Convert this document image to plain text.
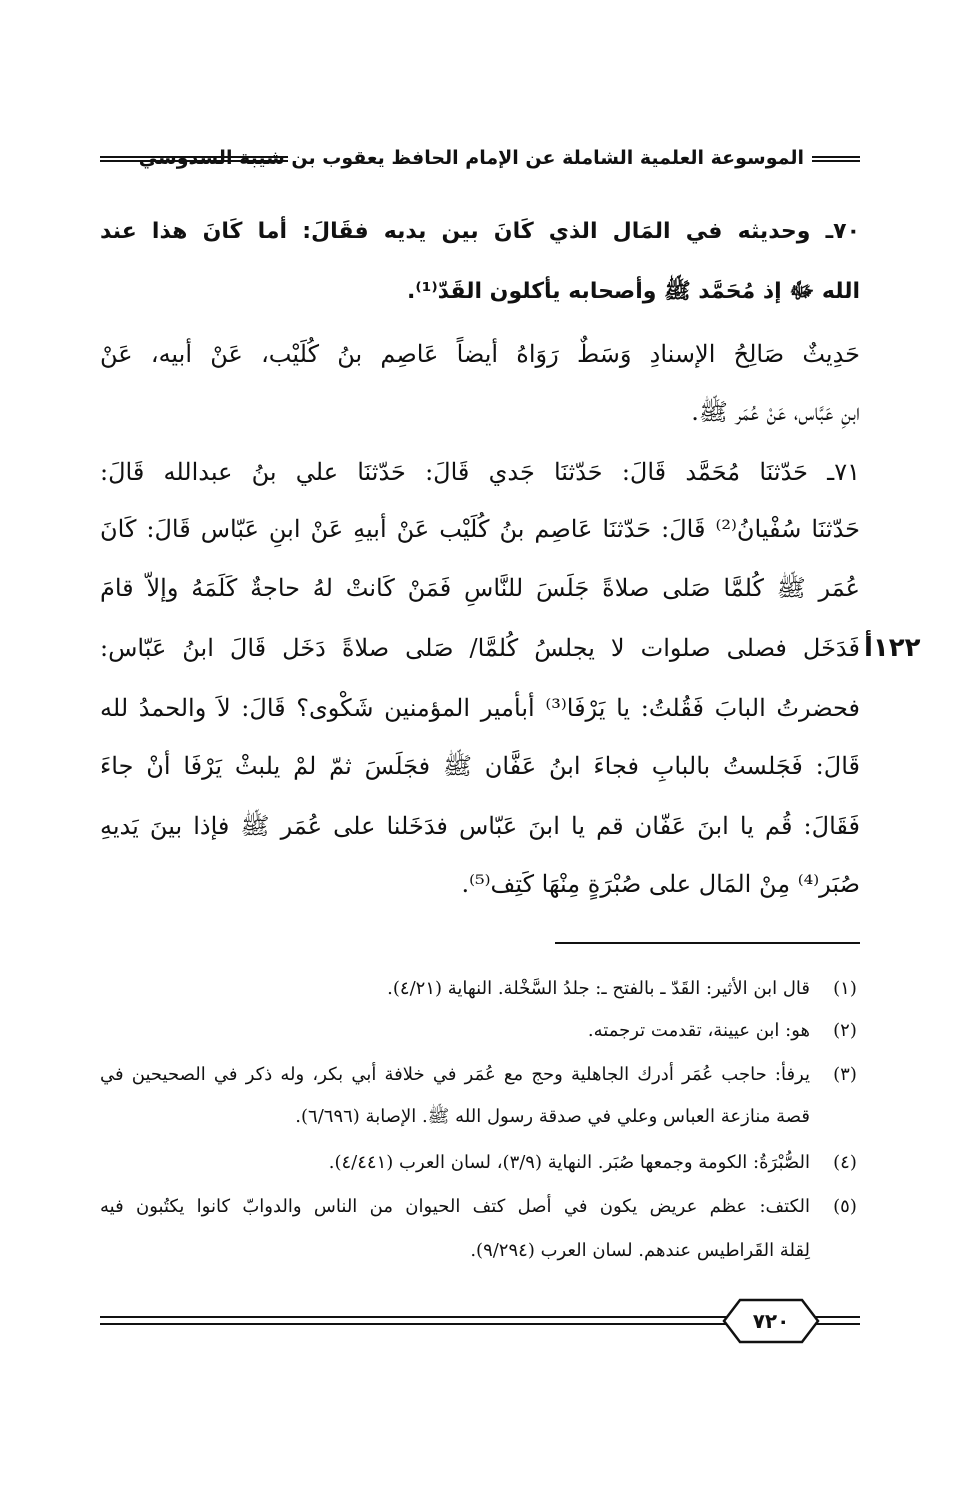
الموسوعة العلمية الشاملة عن الإمام الحافظ يعقوب بن شيبة السدوسي
٧٠ـ وحديثه في المَال الذي كَانَ بين يديه فقَالَ: أما كَانَ هذا عند
الله ﷻ إذ مُحَمَّد ﷺ وأصحابه يأكلون القَدّ⁽¹⁾.
حَدِيثٌ صَالِحُ الإسنادِ وَسَطٌ رَوَاهُ أيضاً عَاصِم بنُ كُلَيْب، عَنْ أبيه، عَنْ
ابنِ عَبَّاس، عَنْ عُمَر ﷺ.
٧١ـ حَدّثنَا مُحَمَّد قَالَ: حَدّثنَا جَدي قَالَ: حَدّثنَا علي بنُ عبدالله قَالَ:
حَدّثنَا سُفْيانُ⁽²⁾ قَالَ: حَدّثنَا عَاصِم بنُ كُلَيْب عَنْ أبيهِ عَنْ ابنِ عَبّاس قَالَ: كَانَ
عُمَر ﷺ كُلمَّا صَلى صلاةً جَلَسَ للنَّاسِ فَمَنْ كَانتْ لهُ حاجةٌ كَلَمَهُ وإلاّ قامَ
فَدَخَل فصلى صلوات لا يجلسُ كُلمَّا/ صَلى صلاةً دَخَل قَالَ ابنُ عَبّاس:
فحضرتُ البابَ فَقُلتُ: يا يَرْفَا⁽³⁾ أبأمير المؤمنين شَكْوى؟ قَالَ: لاَ والحمدُ لله
قَالَ: فَجَلستُ بالبابِ فجاءَ ابنُ عَفَّان ﷺ فجَلَسَ ثمّ لمْ يلبثْ يَرْفَا أنْ جاءَ
فَقَالَ: قُم يا ابنَ عَفّان قم يا ابنَ عَبّاس فدَخَلنا على عُمَر ﷺ فإذا بينَ يَديهِ
صُبَر⁽⁴⁾ مِنْ المَال على صُبْرَةٍ مِنْهَا كَتِف⁽⁵⁾.
١٢٢أ
(١)
قال ابن الأثير: القَدّ ـ بالفتح ـ: جلدُ السَّخْلة. النهاية (٤/٢١).
(٢)
هو: ابن عيينة، تقدمت ترجمته.
(٣)
يرفأ: حاجب عُمَر أدرك الجاهلية وحج مع عُمَر في خلافة أبي بكر، وله ذكر في الصحيحين في
قصة منازعة العباس وعلي في صدقة رسول الله ﷺ. الإصابة (٦/٦٩٦).
(٤)
الصُّبْرَةُ: الكومة وجمعها صُبَر. النهاية (٣/٩)، لسان العرب (٤/٤٤١).
(٥)
الكتف: عظم عريض يكون في أصل كتف الحيوان من الناس والدوابّ كانوا يكتُبون فيه
لِقلة القَراطيس عندهم. لسان العرب (٩/٢٩٤).
٧٢٠
